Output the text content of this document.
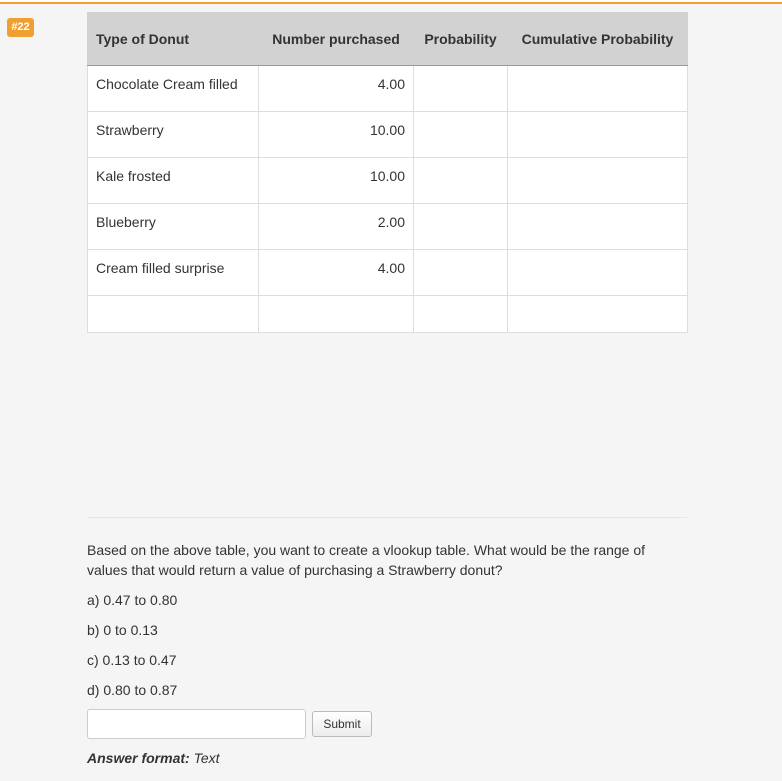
#22
Type of Donut	Number purchased	Probability	Cumulative Probability
Chocolate Cream filled	4.00		
Strawberry	10.00		
Kale frosted	10.00		
Blueberry	2.00		
Cream filled surprise	4.00		

Based on the above table, you want to create a vlookup table. What would be the range of values that would return a value of purchasing a Strawberry donut?
a) 0.47 to 0.80
b) 0 to 0.13
c) 0.13 to 0.47
d) 0.80 to 0.87
Submit
Answer format: Text
